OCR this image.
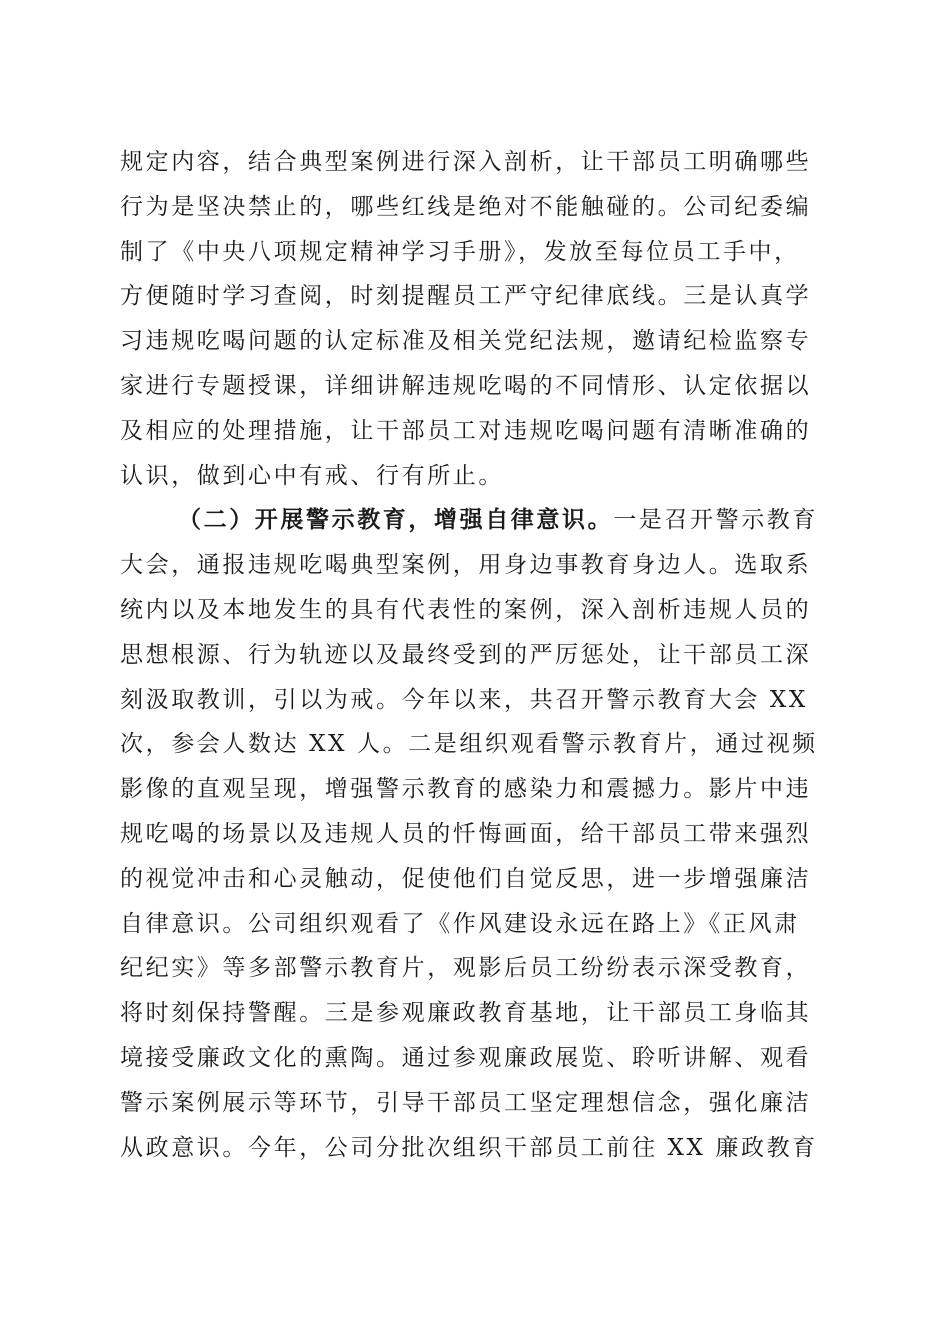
规定内容，结合典型案例进行深入剖析，让干部员工明确哪些
行为是坚决禁止的，哪些红线是绝对不能触碰的。公司纪委编
制了《中央八项规定精神学习手册》，发放至每位员工手中，
方便随时学习查阅，时刻提醒员工严守纪律底线。三是认真学
习违规吃喝问题的认定标准及相关党纪法规，邀请纪检监察专
家进行专题授课，详细讲解违规吃喝的不同情形、认定依据以
及相应的处理措施，让干部员工对违规吃喝问题有清晰准确的
认识，做到心中有戒、行有所止。
（二）开展警示教育，增强自律意识。一是召开警示教育
大会，通报违规吃喝典型案例，用身边事教育身边人。选取系
统内以及本地发生的具有代表性的案例，深入剖析违规人员的
思想根源、行为轨迹以及最终受到的严厉惩处，让干部员工深
刻汲取教训，引以为戒。今年以来，共召开警示教育大会 XX
次，参会人数达 XX 人。二是组织观看警示教育片，通过视频
影像的直观呈现，增强警示教育的感染力和震撼力。影片中违
规吃喝的场景以及违规人员的忏悔画面，给干部员工带来强烈
的视觉冲击和心灵触动，促使他们自觉反思，进一步增强廉洁
自律意识。公司组织观看了《作风建设永远在路上》《正风肃
纪纪实》等多部警示教育片，观影后员工纷纷表示深受教育，
将时刻保持警醒。三是参观廉政教育基地，让干部员工身临其
境接受廉政文化的熏陶。通过参观廉政展览、聆听讲解、观看
警示案例展示等环节，引导干部员工坚定理想信念，强化廉洁
从政意识。今年，公司分批次组织干部员工前往 XX 廉政教育
